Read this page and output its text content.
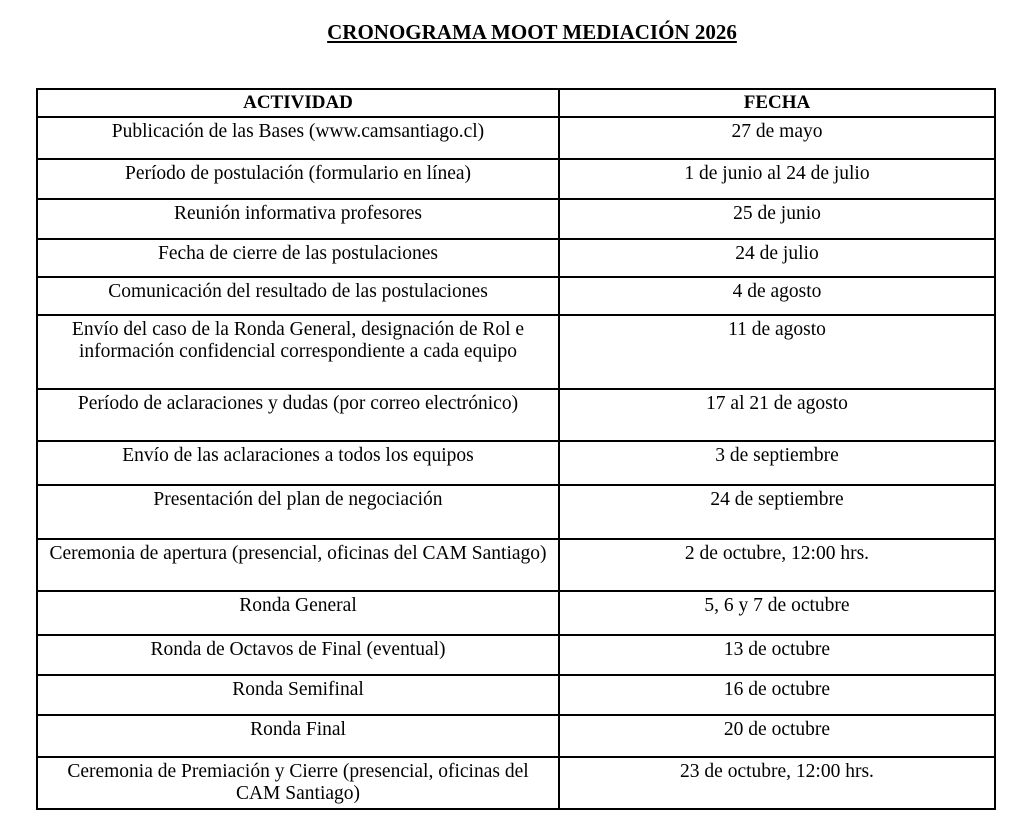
CRONOGRAMA MOOT MEDIACIÓN 2026
ACTIVIDAD	FECHA
Publicación de las Bases (www.camsantiago.cl)	27 de mayo
Período de postulación (formulario en línea)	1 de junio al 24 de julio
Reunión informativa profesores	25 de junio
Fecha de cierre de las postulaciones	24 de julio
Comunicación del resultado de las postulaciones	4 de agosto
Envío del caso de la Ronda General, designación de Rol e información confidencial correspondiente a cada equipo	11 de agosto
Período de aclaraciones y dudas (por correo electrónico)	17 al 21 de agosto
Envío de las aclaraciones a todos los equipos	3 de septiembre
Presentación del plan de negociación	24 de septiembre
Ceremonia de apertura (presencial, oficinas del CAM Santiago)	2 de octubre, 12:00 hrs.
Ronda General	5, 6 y 7 de octubre
Ronda de Octavos de Final (eventual)	13 de octubre
Ronda Semifinal	16 de octubre
Ronda Final	20 de octubre
Ceremonia de Premiación y Cierre (presencial, oficinas del CAM Santiago)	23 de octubre, 12:00 hrs.
